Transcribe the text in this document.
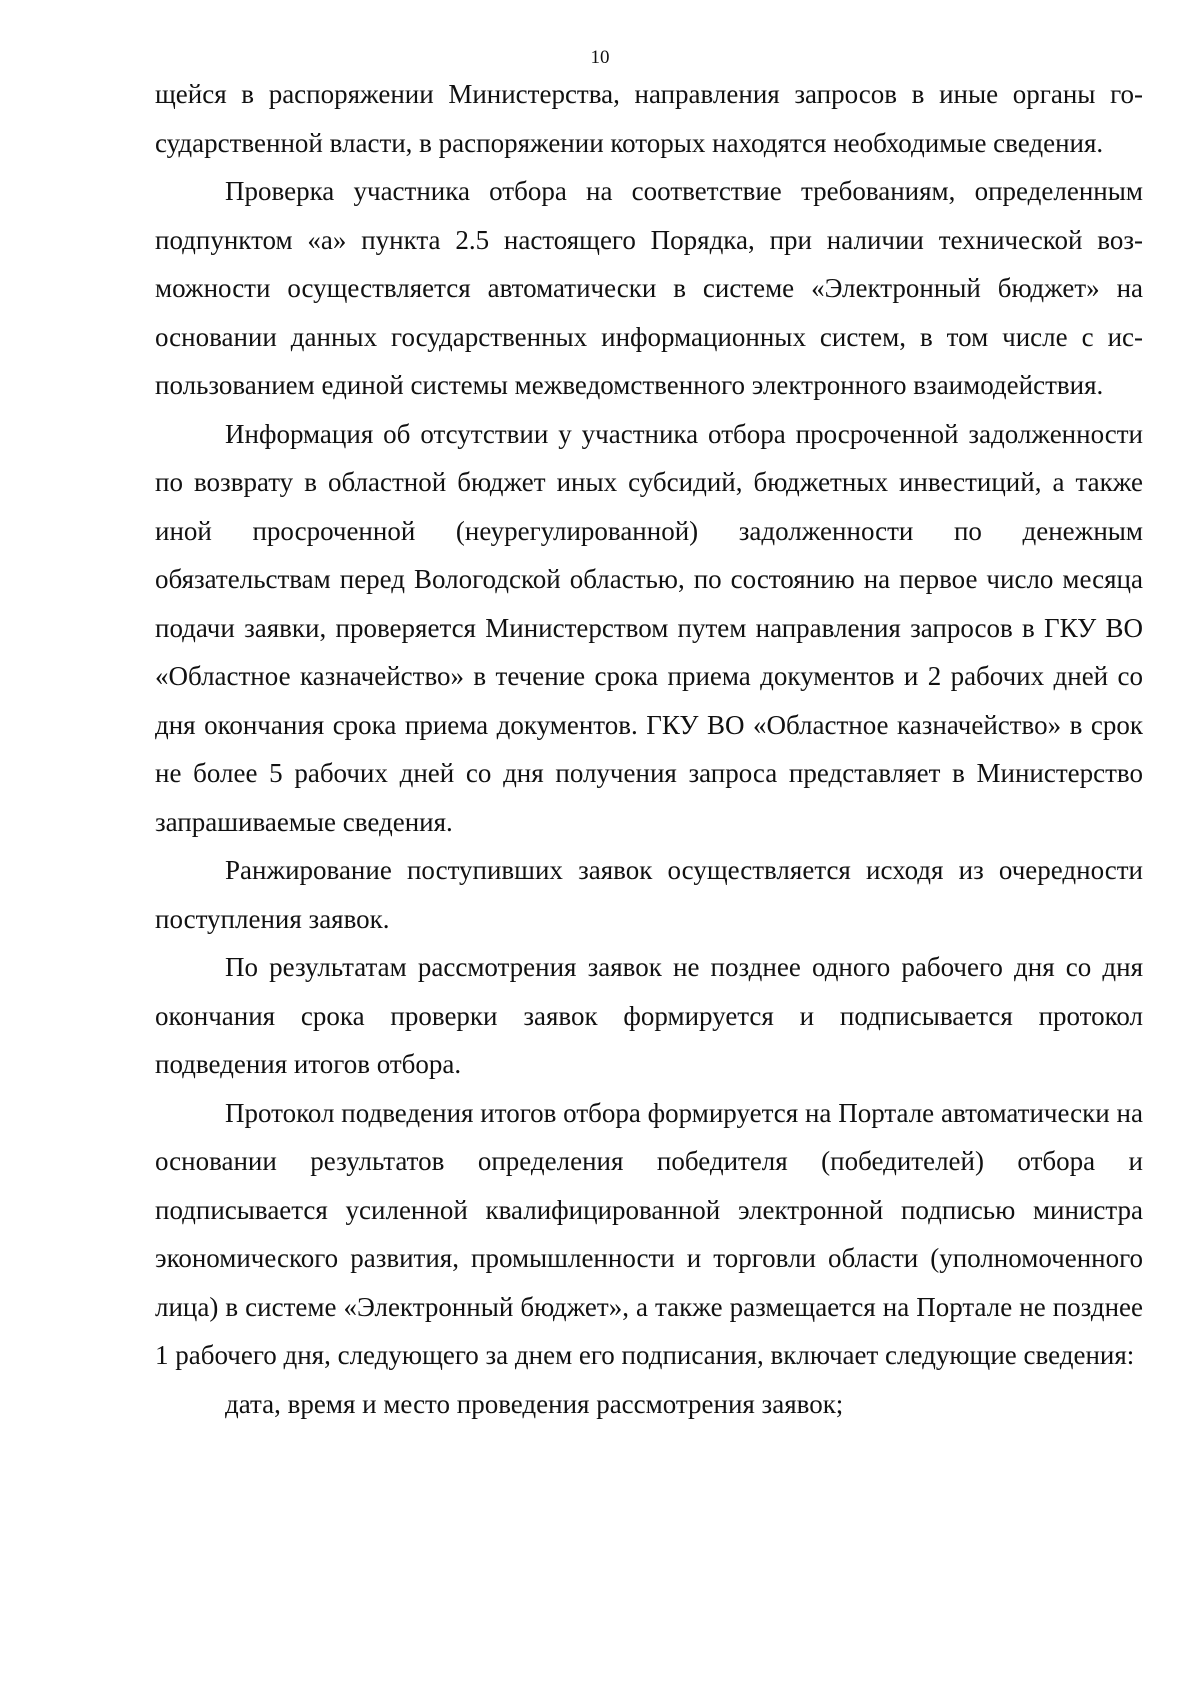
10

щейся в распоряжении Министерства, направления запросов в иные органы государственной власти, в распоряжении которых находятся необходимые сведения.

Проверка участника отбора на соответствие требованиям, определенным подпунктом «а» пункта 2.5 настоящего Порядка, при наличии технической возможности осуществляется автоматически в системе «Электронный бюджет» на основании данных государственных информационных систем, в том числе с использованием единой системы межведомственного электронного взаимодействия.

Информация об отсутствии у участника отбора просроченной задолженности по возврату в областной бюджет иных субсидий, бюджетных инвестиций, а также иной просроченной (неурегулированной) задолженности по денежным обязательствам перед Вологодской областью, по состоянию на первое число месяца подачи заявки, проверяется Министерством путем направления запросов в ГКУ ВО «Областное казначейство» в течение срока приема документов и 2 рабочих дней со дня окончания срока приема документов. ГКУ ВО «Областное казначейство» в срок не более 5 рабочих дней со дня получения запроса представляет в Министерство запрашиваемые сведения.

Ранжирование поступивших заявок осуществляется исходя из очередности поступления заявок.

По результатам рассмотрения заявок не позднее одного рабочего дня со дня окончания срока проверки заявок формируется и подписывается протокол подведения итогов отбора.

Протокол подведения итогов отбора формируется на Портале автоматически на основании результатов определения победителя (победителей) отбора и подписывается усиленной квалифицированной электронной подписью министра экономического развития, промышленности и торговли области (уполномоченного лица) в системе «Электронный бюджет», а также размещается на Портале не позднее 1 рабочего дня, следующего за днем его подписания, включает следующие сведения:

дата, время и место проведения рассмотрения заявок;
